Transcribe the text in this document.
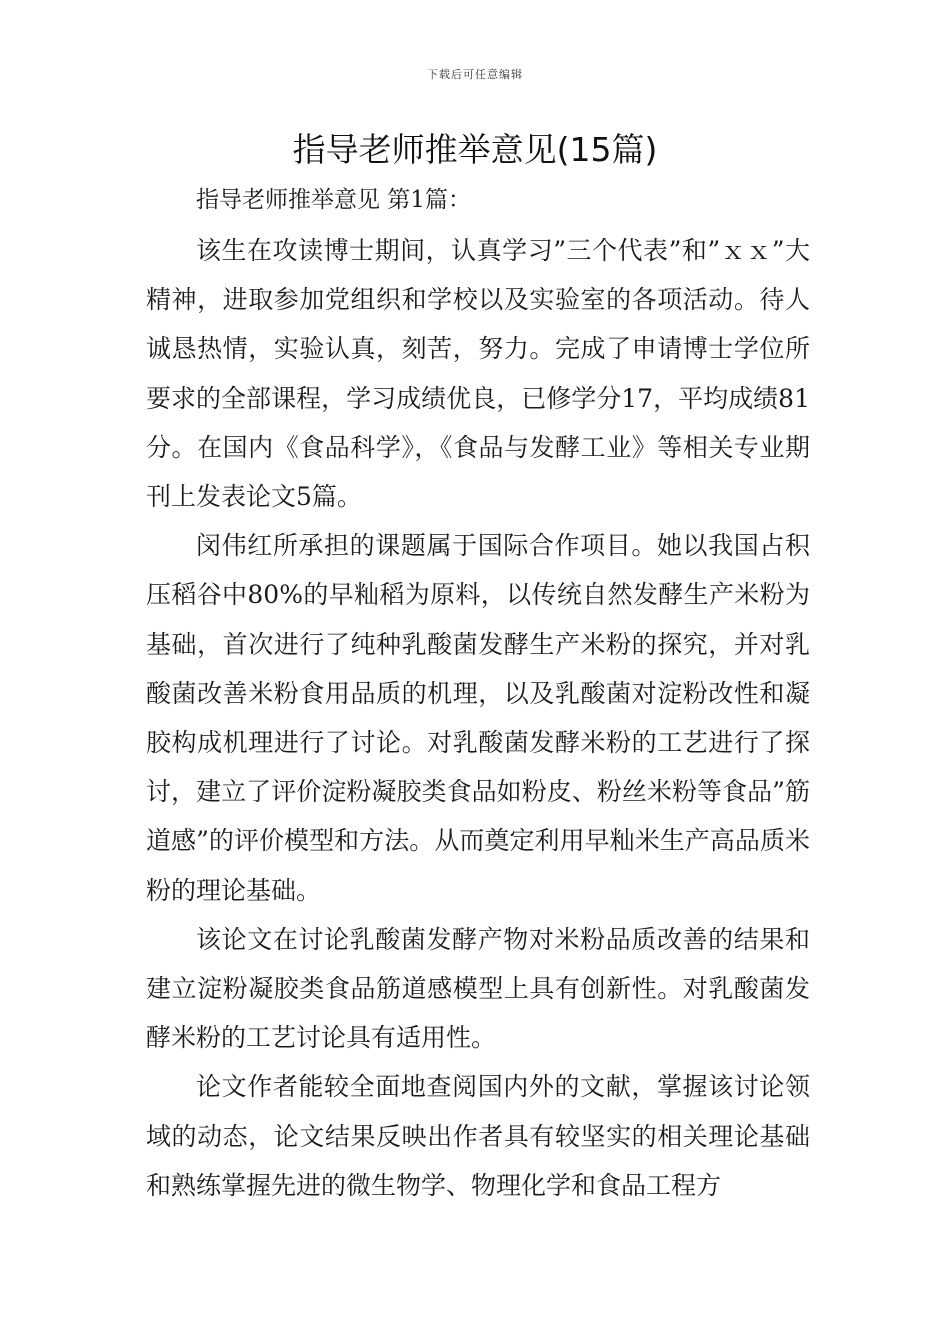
下载后可任意编辑
指导老师推举意见(15篇)
指导老师推举意见 第1篇：

该生在攻读博士期间，认真学习”三个代表”和”ｘｘ”大精神，进取参加党组织和学校以及实验室的各项活动。待人诚恳热情，实验认真，刻苦，努力。完成了申请博士学位所要求的全部课程，学习成绩优良，已修学分17，平均成绩81分。在国内《食品科学》，《食品与发酵工业》等相关专业期刊上发表论文5篇。

闵伟红所承担的课题属于国际合作项目。她以我国占积压稻谷中80%的早籼稻为原料，以传统自然发酵生产米粉为基础，首次进行了纯种乳酸菌发酵生产米粉的探究，并对乳酸菌改善米粉食用品质的机理，以及乳酸菌对淀粉改性和凝胶构成机理进行了讨论。对乳酸菌发酵米粉的工艺进行了探讨，建立了评价淀粉凝胶类食品如粉皮、粉丝米粉等食品”筋道感”的评价模型和方法。从而奠定利用早籼米生产高品质米粉的理论基础。

该论文在讨论乳酸菌发酵产物对米粉品质改善的结果和建立淀粉凝胶类食品筋道感模型上具有创新性。对乳酸菌发酵米粉的工艺讨论具有适用性。

论文作者能较全面地查阅国内外的文献，掌握该讨论领域的动态，论文结果反映出作者具有较坚实的相关理论基础和熟练掌握先进的微生物学、物理化学和食品工程方
